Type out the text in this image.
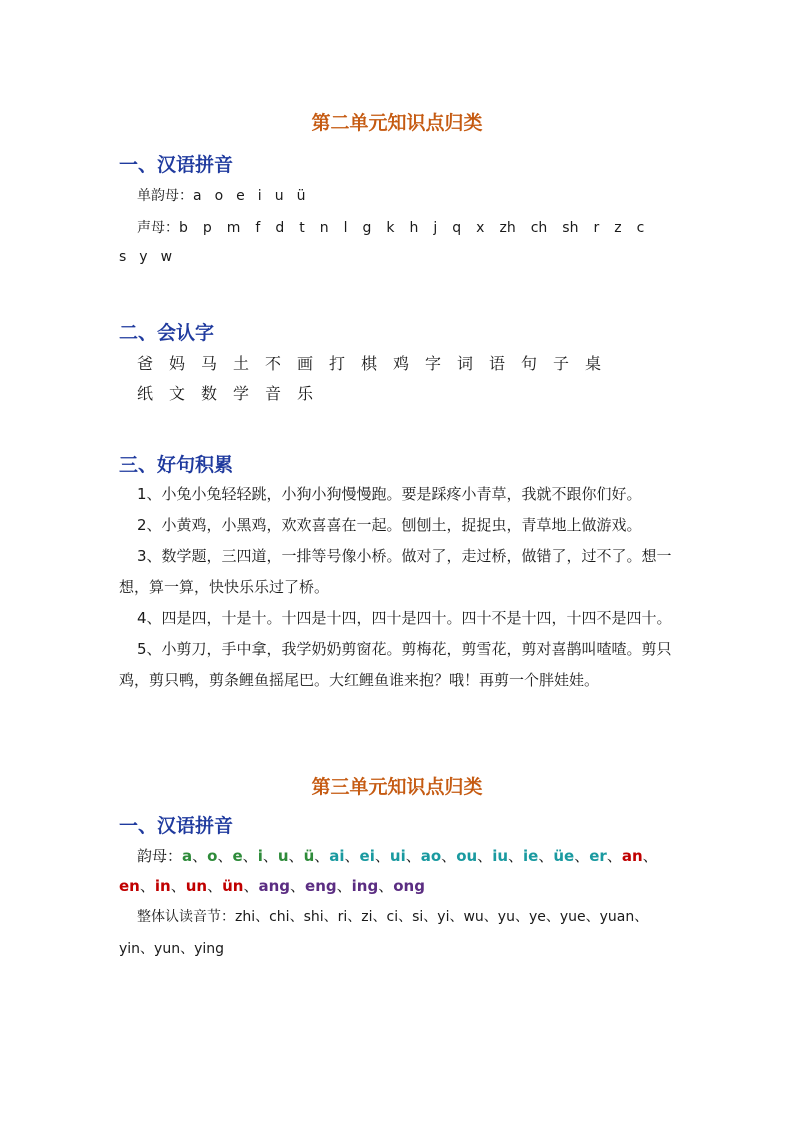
第二单元知识点归类
一、汉语拼音
单韵母：a o e i u ü
声母：b p m f d t n l g k h j q x zh ch sh r z c
s y w
二、会认字
爸 妈 马 土 不 画 打 棋 鸡 字 词 语 句 子 桌
纸 文 数 学 音 乐
三、好句积累

1、小兔小兔轻轻跳，小狗小狗慢慢跑。要是踩疼小青草，我就不跟你们好。

2、小黄鸡，小黑鸡，欢欢喜喜在一起。刨刨土，捉捉虫，青草地上做游戏。

3、数学题，三四道，一排等号像小桥。做对了，走过桥，做错了，过不了。想一想，算一算，快快乐乐过了桥。

4、四是四，十是十。十四是十四，四十是四十。四十不是十四，十四不是四十。

5、小剪刀，手中拿，我学奶奶剪窗花。剪梅花，剪雪花，剪对喜鹊叫喳喳。剪只鸡，剪只鸭，剪条鲤鱼摇尾巴。大红鲤鱼谁来抱？哦！再剪一个胖娃娃。

第三单元知识点归类
一、汉语拼音
韵母：a、o、e、i、u、ü、ai、ei、ui、ao、ou、iu、ie、üe、er、an、en、in、un、ün、ang、eng、ing、ong
整体认读音节：zhi、chi、shi、ri、zi、ci、si、yi、wu、yu、ye、yue、yuan、yin、yun、ying
